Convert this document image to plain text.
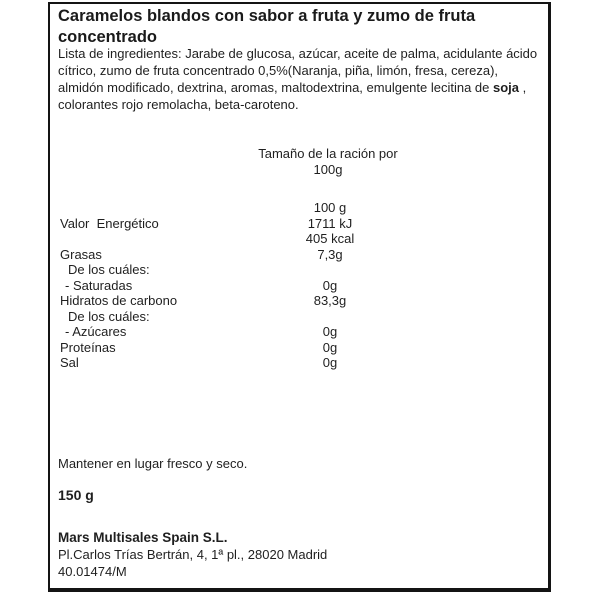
Caramelos blandos con sabor a fruta y zumo de fruta concentrado
Lista de ingredientes: Jarabe de glucosa, azúcar, aceite de palma, acidulante ácido cítrico, zumo de fruta concentrado 0,5%(Naranja, piña, limón, fresa, cereza), almidón modificado, dextrina, aromas, maltodextrina, emulgente lecitina de soja , colorantes rojo remolacha, beta-caroteno.
Tamaño de la ración por
100g
100 g
Valor  Energético	1711 kJ
405 kcal
Grasas	7,3g
De los cuáles:
- Saturadas	0g
Hidratos de carbono	83,3g
De los cuáles:
- Azúcares	0g
Proteínas	0g
Sal	0g
Mantener en lugar fresco y seco.
150 g
Mars Multisales Spain S.L.
Pl.Carlos Trías Bertrán, 4, 1ª pl., 28020 Madrid
40.01474/M
